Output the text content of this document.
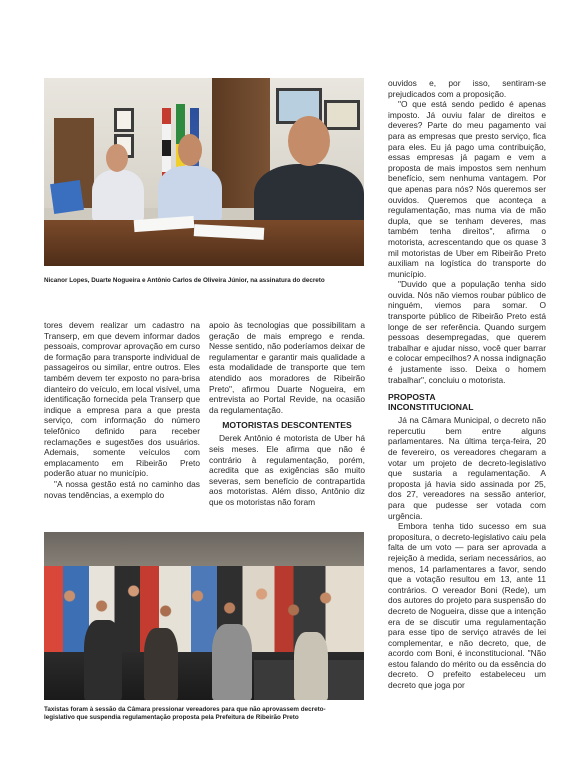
Nicanor Lopes, Duarte Nogueira e Antônio Carlos de Oliveira Júnior, na assinatura do decreto

tores devem realizar um cadastro na Transerp, em que devem informar dados pessoais, comprovar aprovação em curso de formação para transporte individual de passageiros ou similar, entre outros. Eles também devem ter exposto no para-brisa dianteiro do veículo, em local visível, uma identificação fornecida pela Transerp que indique a empresa para a que presta serviço, com informação do número telefônico definido para receber reclamações e sugestões dos usuários. Ademais, somente veículos com emplacamento em Ribeirão Preto poderão atuar no município.

"A nossa gestão está no caminho das novas tendências, a exemplo do

apoio às tecnologias que possibilitam a geração de mais emprego e renda. Nesse sentido, não poderíamos deixar de regulamentar e garantir mais qualidade a esta modalidade de transporte que tem atendido aos moradores de Ribeirão Preto", afirmou Duarte Nogueira, em entrevista ao Portal Revide, na ocasião da regulamentação.

MOTORISTAS DESCONTENTES

Derek Antônio é motorista de Uber há seis meses. Ele afirma que não é contrário à regulamentação, porém, acredita que as exigências são muito severas, sem benefício de contrapartida aos motoristas. Além disso, Antônio diz que os motoristas não foram

Taxistas foram à sessão da Câmara pressionar vereadores para que não aprovassem decreto-
legislativo que suspendia regulamentação proposta pela Prefeitura de Ribeirão Preto

ouvidos e, por isso, sentiram-se prejudicados com a proposição.

"O que está sendo pedido é apenas imposto. Já ouviu falar de direitos e deveres? Parte do meu pagamento vai para as empresas que presto serviço, fica para eles. Eu já pago uma contribuição, essas empresas já pagam e vem a proposta de mais impostos sem nenhum benefício, sem nenhuma vantagem. Por que apenas para nós? Nós queremos ser ouvidos. Queremos que aconteça a regulamentação, mas numa via de mão dupla, que se tenham deveres, mas também tenha direitos", afirma o motorista, acrescentando que os quase 3 mil motoristas de Uber em Ribeirão Preto auxiliam na logística do transporte do município.

"Duvido que a população tenha sido ouvida. Nós não viemos roubar público de ninguém, viemos para somar. O transporte público de Ribeirão Preto está longe de ser referência. Quando surgem pessoas desempregadas, que querem trabalhar e ajudar nisso, você quer barrar e colocar empecilhos? A nossa indignação é justamente isso. Deixa o homem trabalhar", concluiu o motorista.

PROPOSTA
INCONSTITUCIONAL

Já na Câmara Municipal, o decreto não repercutiu bem entre alguns parlamentares. Na última terça-feira, 20 de fevereiro, os vereadores chegaram a votar um projeto de decreto-legislativo que sustaria a regulamentação. A proposta já havia sido assinada por 25, dos 27, vereadores na sessão anterior, para que pudesse ser votada com urgência.

Embora tenha tido sucesso em sua propositura, o decreto-legislativo caiu pela falta de um voto — para ser aprovada a rejeição à medida, seriam necessários, ao menos, 14 parlamentares a favor, sendo que a votação resultou em 13, ante 11 contrários. O vereador Boni (Rede), um dos autores do projeto para suspensão do decreto de Nogueira, disse que a intenção era de se discutir uma regulamentação para esse tipo de serviço através de lei complementar, e não decreto, que, de acordo com Boni, é inconstitucional. "Não estou falando do mérito ou da essência do decreto. O prefeito estabeleceu um decreto que joga por
